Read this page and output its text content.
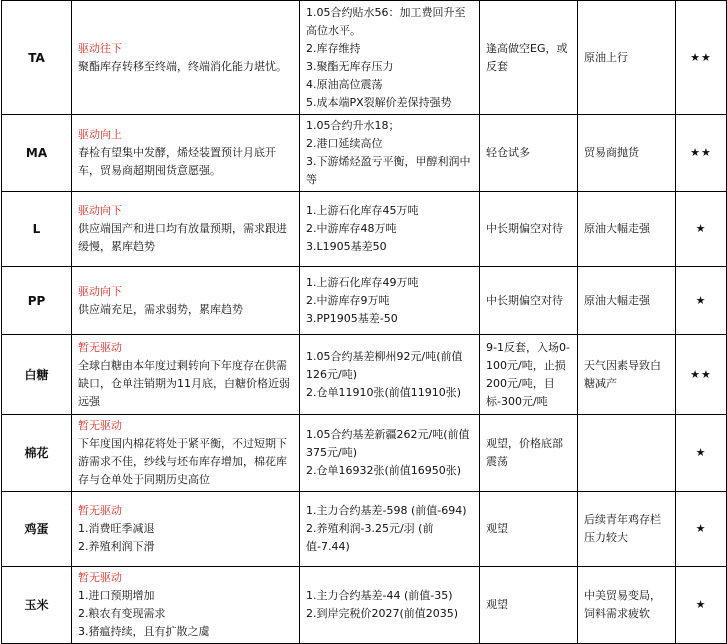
TA	驱动往下
聚酯库存转移至终端，终端消化能力堪忧。	1.05合约贴水56：加工费回升至高位水平。
2.库存维持
3.聚酯无库存压力
4.原油高位震荡
5.成本端PX裂解价差保持强势	逢高做空EG，或反套	原油上行	★★
MA	驱动向上
春检有望集中发酵，烯烃装置预计月底开车，贸易商超期囤货意愿强。	1.05合约升水18；
2.港口延续高位
3.下游烯烃盈亏平衡，甲醇利润中等	轻仓试多	贸易商抛货	★★
L	驱动向下
供应端国产和进口均有放量预期，需求跟进缓慢，累库趋势	1.上游石化库存45万吨
2.中游库存48万吨
3.L1905基差50	中长期偏空对待	原油大幅走强	★
PP	驱动向下
供应端充足，需求弱势，累库趋势	1.上游石化库存49万吨
2.中游库存9万吨
3.PP1905基差-50	中长期偏空对待	原油大幅走强	★
白糖	暂无驱动
全球白糖由本年度过剩转向下年度存在供需缺口，仓单注销期为11月底，白糖价格近弱远强	1.05合约基差柳州92元/吨(前值126元/吨)
2.仓单11910张(前值11910张)	9-1反套，入场0-100元/吨，止损200元/吨，目标-300元/吨	天气因素导致白糖减产	★★
棉花	暂无驱动
下年度国内棉花将处于紧平衡，不过短期下游需求不佳，纱线与坯布库存增加，棉花库存与仓单处于同期历史高位	1.05合约基差新疆262元/吨(前值375元/吨)
2.仓单16932张(前值16950张)	观望，价格底部震荡		★
鸡蛋	暂无驱动
1.消费旺季减退
2.养殖利润下滑	1.主力合约基差-598 (前值-694)
2.养殖利润-3.25元/羽 (前值-7.44)	观望	后续青年鸡存栏压力较大	★
玉米	暂无驱动
1.进口预期增加
2.粮农有变现需求
3.猪瘟持续，且有扩散之虞	1.主力合约基差-44 (前值-35)
2.到岸完税价2027(前值2035)	观望	中美贸易变局，饲料需求疲软	★
